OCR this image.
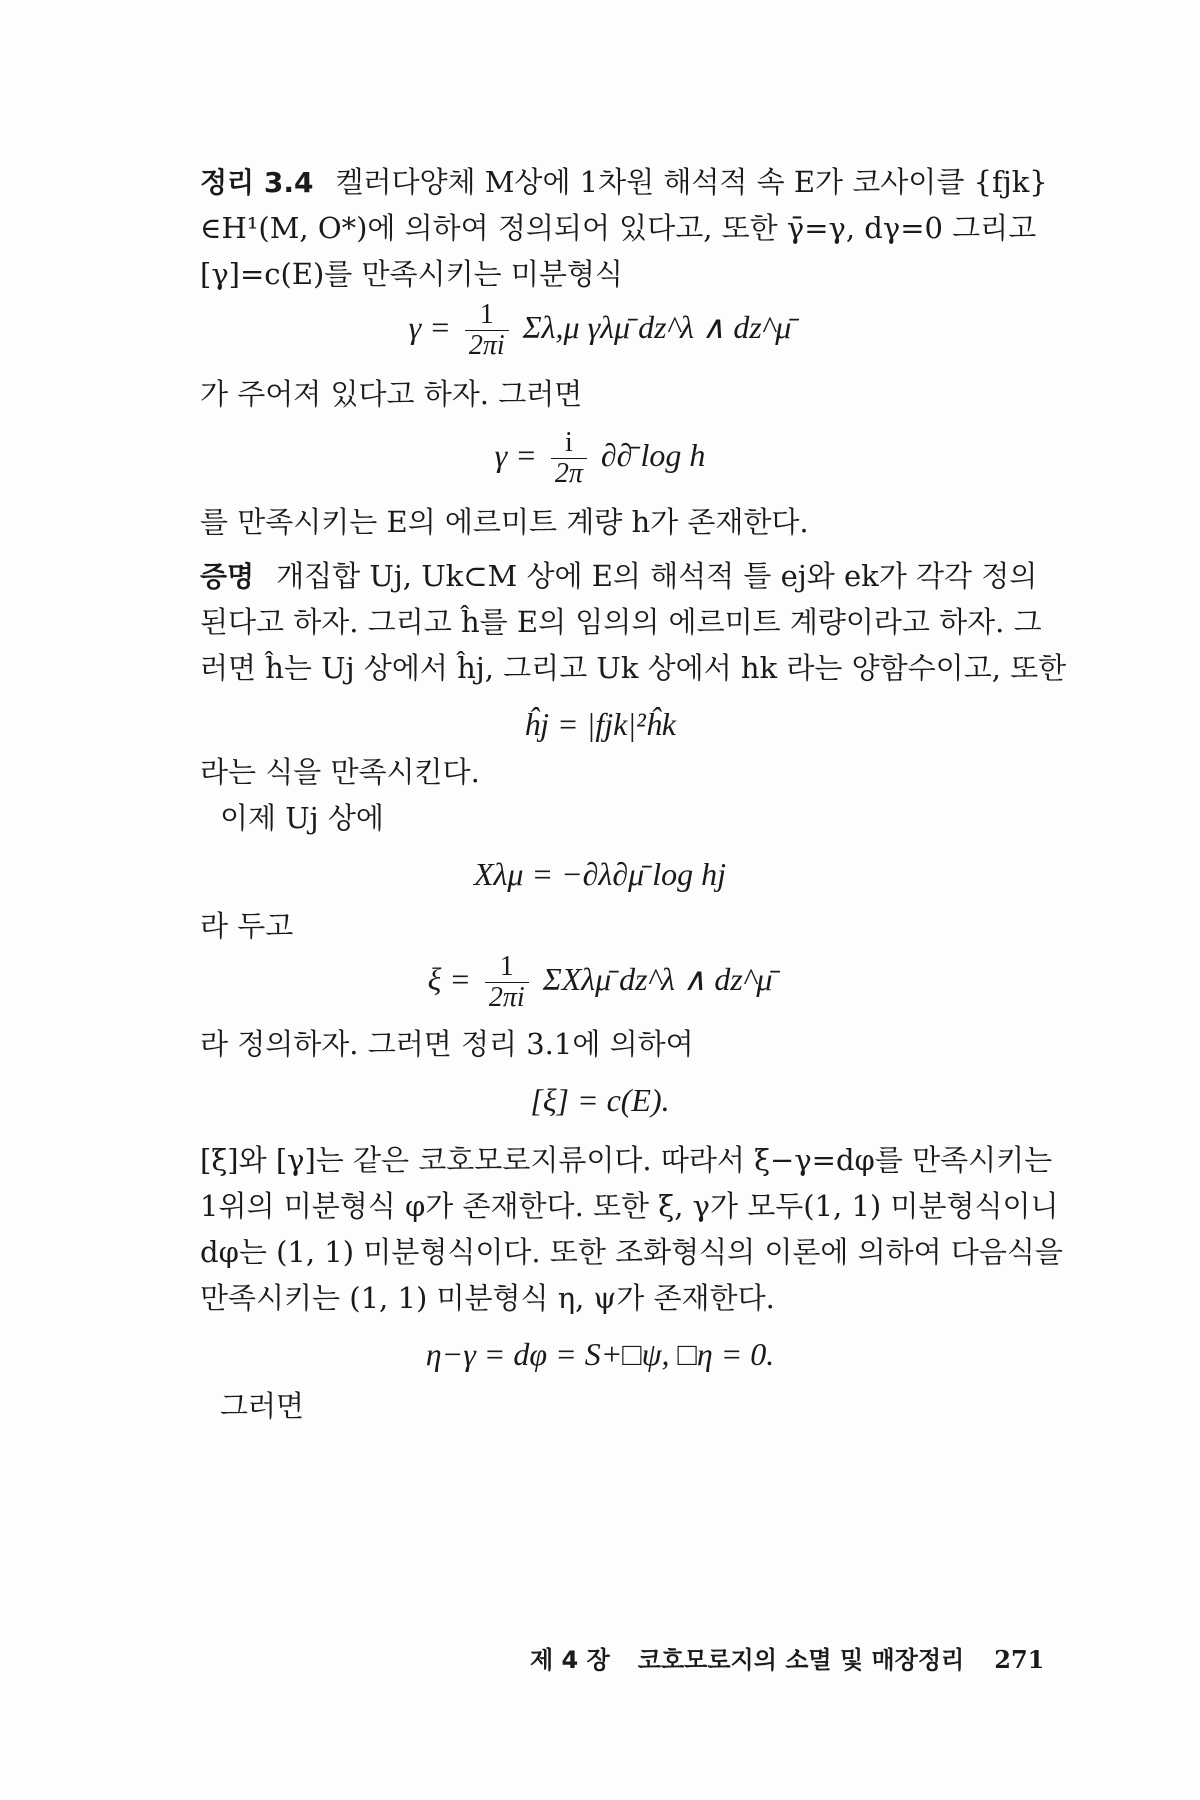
정리 3.4 켈러다양체 M상에 1차원 해석적 속 E가 코사이클 {fjk}
∈H¹(M, O*)에 의하여 정의되어 있다고, 또한 γ̄=γ, dγ=0 그리고
[γ]=c(E)를 만족시키는 미분형식
$\gamma = \frac{1}{2\pi i} \Sigma\lambda,\mu$ γλμ̄ dz^λ ∧ dz^μ̄
가 주어져 있다고 하자. 그러면
$\gamma = \frac{i}{2\pi}$ ∂∂̄ log h
를 만족시키는 E의 에르미트 계량 h가 존재한다.
증명 개집합 Uj, Uk⊂M 상에 E의 해석적 틀 ej와 ek가 각각 정의
된다고 하자. 그리고 ĥ를 E의 임의의 에르미트 계량이라고 하자. 그
러면 ĥ는 Uj 상에서 ĥj, 그리고 Uk 상에서 hk 라는 양함수이고, 또한
ĥj = |fjk|²ĥk
라는 식을 만족시킨다.
이제 Uj 상에
Xλμ = −∂λ∂μ̄ log hj
라 두고
$\xi = \frac{1}{2\pi i}$ ΣXλμ̄ dz^λ ∧ dz^μ̄
라 정의하자. 그러면 정리 3.1에 의하여
[ξ] = c(E).
[ξ]와 [γ]는 같은 코호모로지류이다. 따라서 ξ−γ=dφ를 만족시키는
1위의 미분형식 φ가 존재한다. 또한 ξ, γ가 모두(1, 1) 미분형식이니
dφ는 (1, 1) 미분형식이다. 또한 조화형식의 이론에 의하여 다음식을
만족시키는 (1, 1) 미분형식 η, ψ가 존재한다.
η−γ = dφ = S+□ψ, □η = 0.
그러면
제 4 장 코호모로지의 소멸 및 매장정리 271
